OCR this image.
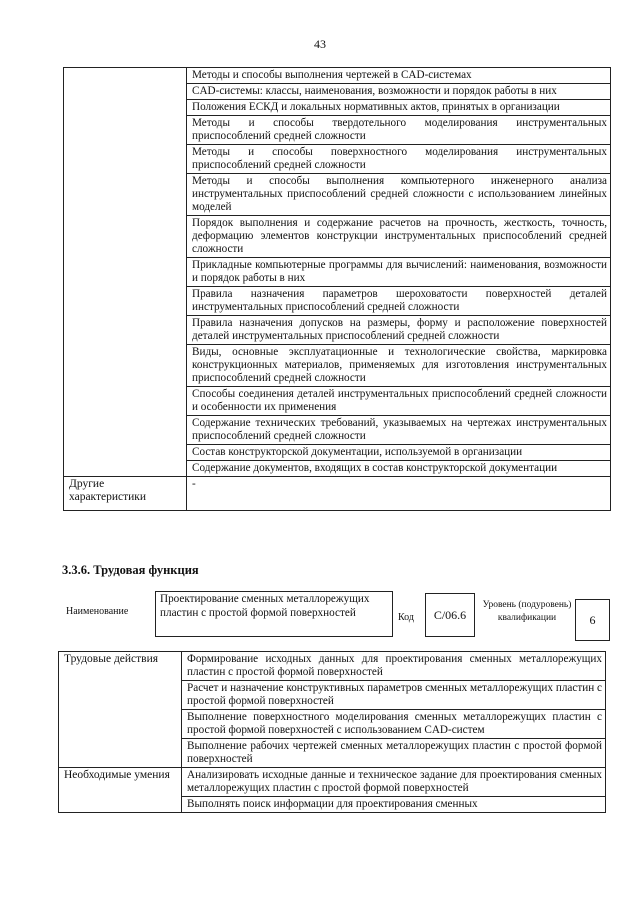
43
	Методы и способы выполнения чертежей в CAD-системах
	CAD-системы: классы, наименования, возможности и порядок работы в них
	Положения ЕСКД и локальных нормативных актов, принятых в организации
	Методы и способы твердотельного моделирования инструментальных приспособлений средней сложности
	Методы и способы поверхностного моделирования инструментальных приспособлений средней сложности
	Методы и способы выполнения компьютерного инженерного анализа инструментальных приспособлений средней сложности с использованием линейных моделей
	Порядок выполнения и содержание расчетов на прочность, жесткость, точность, деформацию элементов конструкции инструментальных приспособлений средней сложности
	Прикладные компьютерные программы для вычислений: наименования, возможности и порядок работы в них
	Правила назначения параметров шероховатости поверхностей деталей инструментальных приспособлений средней сложности
	Правила назначения допусков на размеры, форму и расположение поверхностей деталей инструментальных приспособлений средней сложности
	Виды, основные эксплуатационные и технологические свойства, маркировка конструкционных материалов, применяемых для изготовления инструментальных приспособлений средней сложности
	Способы соединения деталей инструментальных приспособлений средней сложности и особенности их применения
	Содержание технических требований, указываемых на чертежах инструментальных приспособлений средней сложности
	Состав конструкторской документации, используемой в организации
	Содержание документов, входящих в состав конструкторской документации
Другие характеристики	-
3.3.6. Трудовая функция
Наименование
Проектирование сменных металлорежущих пластин с простой формой поверхностей	Код	C/06.6
Уровень (подуровень) квалификации	6
Трудовые действия	Формирование исходных данных для проектирования сменных металлорежущих пластин с простой формой поверхностей
	Расчет и назначение конструктивных параметров сменных металлорежущих пластин с простой формой поверхностей
	Выполнение поверхностного моделирования сменных металлорежущих пластин с простой формой поверхностей с использованием CAD-систем
	Выполнение рабочих чертежей сменных металлорежущих пластин с простой формой поверхностей
Необходимые умения	Анализировать исходные данные и техническое задание для проектирования сменных металлорежущих пластин с простой формой поверхностей
	Выполнять поиск информации для проектирования сменных
